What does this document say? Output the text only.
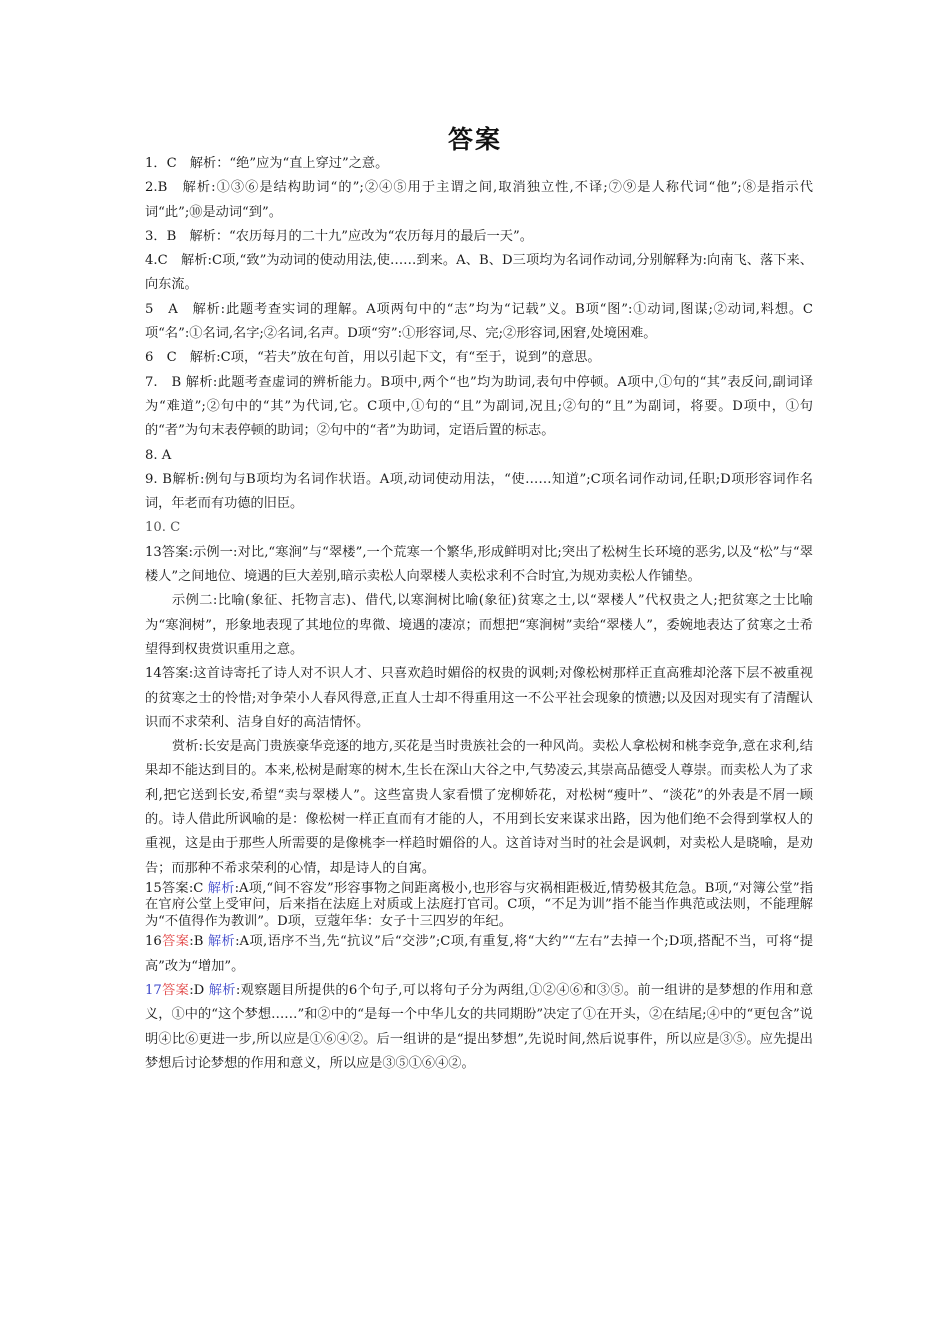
答案

1．C　解析：“绝”应为“直上穿过”之意。

2.B　解析:①③⑥是结构助词“的”;②④⑤用于主谓之间,取消独立性,不译;⑦⑨是人称代词“他”;⑧是指示代词“此”;⑩是动词“到”。

3．B　解析：“农历每月的二十九”应改为“农历每月的最后一天”。

4.C　解析:C项,“致”为动词的使动用法,使……到来。A、B、D三项均为名词作动词,分别解释为:向南飞、落下来、向东流。

5　A　解析:此题考查实词的理解。A项两句中的“志”均为“记载”义。B项“图”:①动词,图谋;②动词,料想。C项“名”:①名词,名字;②名词,名声。D项“穷”:①形容词,尽、完;②形容词,困窘,处境困难。

6　C　解析:C项，“若夫”放在句首，用以引起下文，有“至于，说到”的意思。

7.　B 解析:此题考查虚词的辨析能力。B项中,两个“也”均为助词,表句中停顿。A项中,①句的“其”表反问,副词译为“难道”;②句中的“其”为代词,它。C项中,①句的“且”为副词,况且;②句的“且”为副词，将要。D项中，①句的“者”为句末表停顿的助词；②句中的“者”为助词，定语后置的标志。

8. A

9. B解析:例句与B项均为名词作状语。A项,动词使动用法，“使……知道”;C项名词作动词,任职;D项形容词作名词，年老而有功德的旧臣。

10. C

13答案:示例一:对比,“寒涧”与“翠楼”,一个荒寒一个繁华,形成鲜明对比;突出了松树生长环境的恶劣,以及“松”与“翠楼人”之间地位、境遇的巨大差别,暗示卖松人向翠楼人卖松求利不合时宜,为规劝卖松人作铺垫。

示例二:比喻(象征、托物言志)、借代,以寒涧树比喻(象征)贫寒之士,以“翠楼人”代权贵之人;把贫寒之士比喻为“寒涧树”，形象地表现了其地位的卑微、境遇的凄凉；而想把“寒涧树”卖给“翠楼人”，委婉地表达了贫寒之士希望得到权贵赏识重用之意。

14答案:这首诗寄托了诗人对不识人才、只喜欢趋时媚俗的权贵的讽刺;对像松树那样正直高雅却沦落下层不被重视的贫寒之士的怜惜;对争荣小人春风得意,正直人士却不得重用这一不公平社会现象的愤懑;以及因对现实有了清醒认识而不求荣利、洁身自好的高洁情怀。

赏析:长安是高门贵族豪华竞逐的地方,买花是当时贵族社会的一种风尚。卖松人拿松树和桃李竞争,意在求利,结果却不能达到目的。本来,松树是耐寒的树木,生长在深山大谷之中,气势凌云,其崇高品德受人尊崇。而卖松人为了求利,把它送到长安,希望“卖与翠楼人”。这些富贵人家看惯了宠柳娇花，对松树“瘦叶”、“淡花”的外表是不屑一顾的。诗人借此所讽喻的是：像松树一样正直而有才能的人，不用到长安来谋求出路，因为他们绝不会得到掌权人的重视，这是由于那些人所需要的是像桃李一样趋时媚俗的人。这首诗对当时的社会是讽刺，对卖松人是晓喻，是劝告；而那种不希求荣利的心情，却是诗人的自寓。

15答案:C 解析:A项,“间不容发”形容事物之间距离极小,也形容与灾祸相距极近,情势极其危急。B项,“对簿公堂”指在官府公堂上受审问，后来指在法庭上对质或上法庭打官司。C项，“不足为训”指不能当作典范或法则，不能理解为“不值得作为教训”。D项，豆蔻年华：女子十三四岁的年纪。

16答案:B 解析:A项,语序不当,先“抗议”后“交涉”;C项,有重复,将“大约”“左右”去掉一个;D项,搭配不当，可将“提高”改为“增加”。

17答案:D 解析:观察题目所提供的6个句子,可以将句子分为两组,①②④⑥和③⑤。前一组讲的是梦想的作用和意义，①中的“这个梦想……”和②中的“是每一个中华儿女的共同期盼”决定了①在开头，②在结尾;④中的“更包含”说明④比⑥更进一步,所以应是①⑥④②。后一组讲的是“提出梦想”,先说时间,然后说事件，所以应是③⑤。应先提出梦想后讨论梦想的作用和意义，所以应是③⑤①⑥④②。
